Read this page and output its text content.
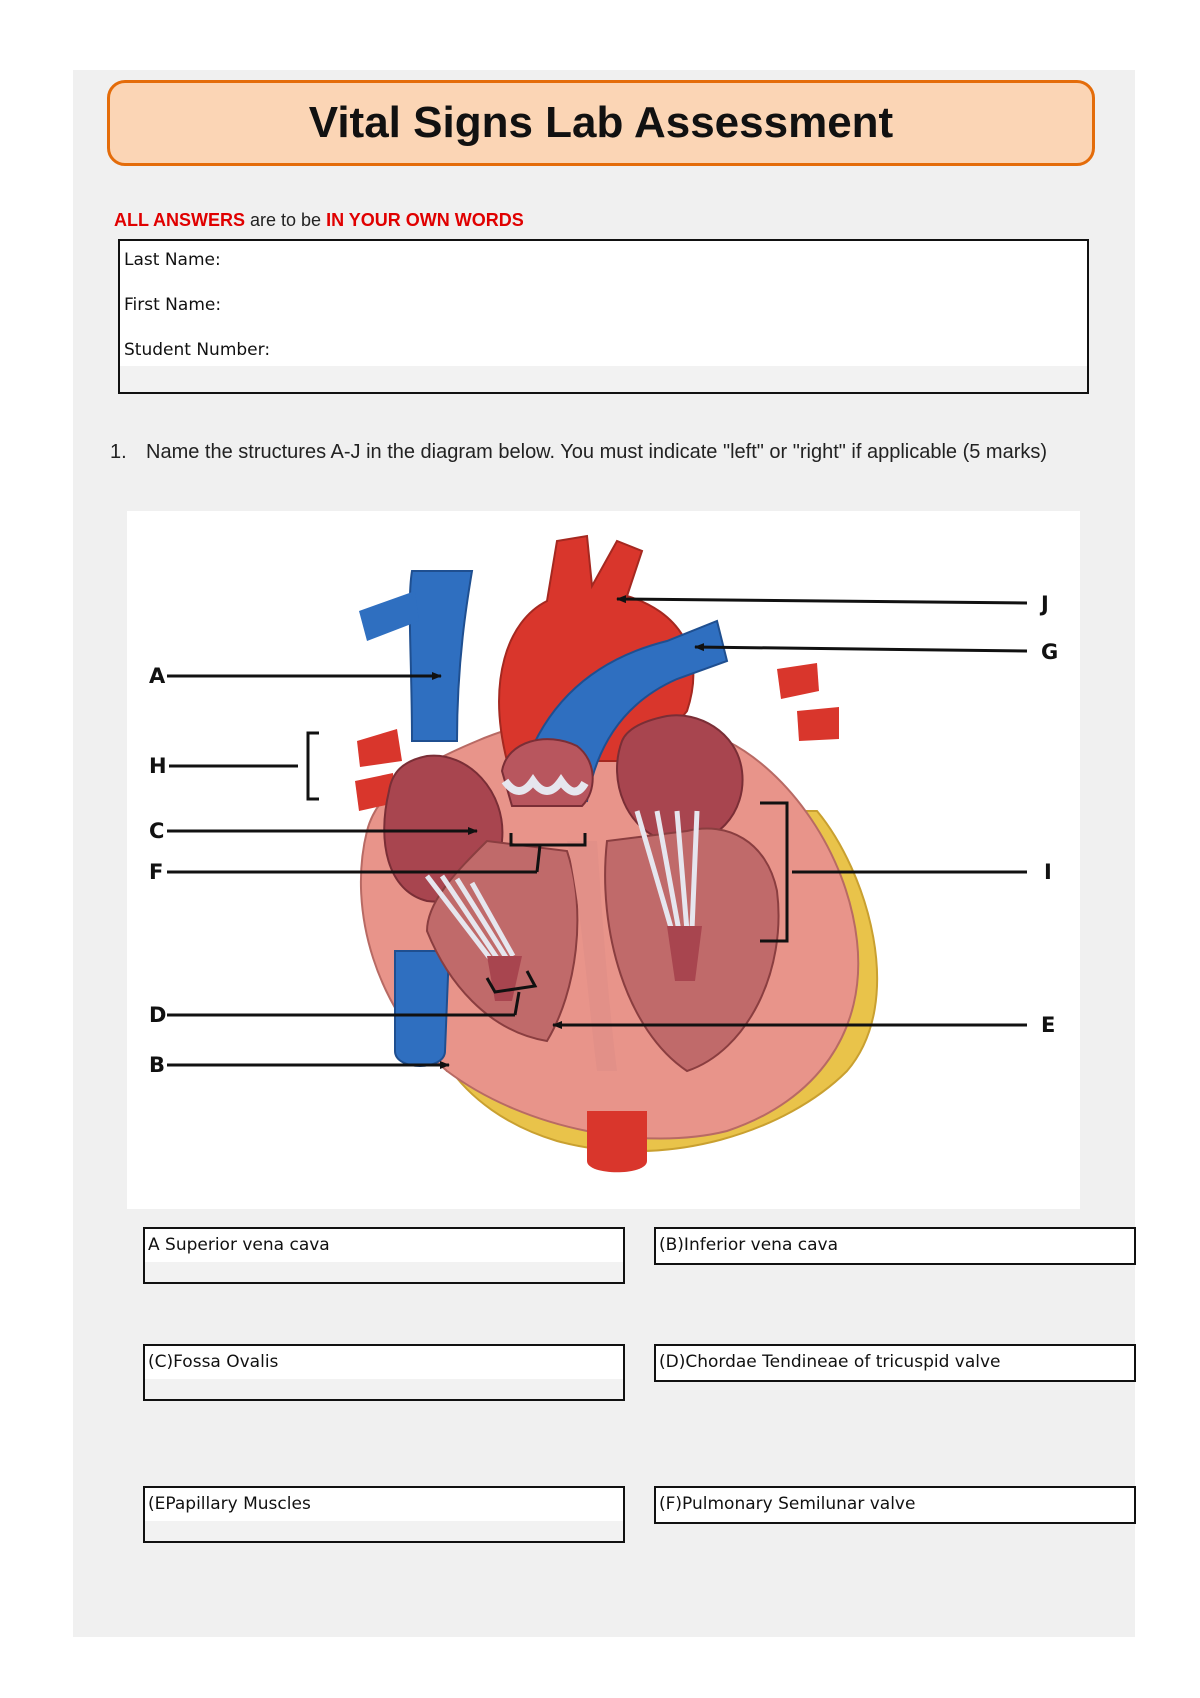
Vital Signs Lab Assessment
ALL ANSWERS are to be IN YOUR OWN WORDS
Last Name:
First Name:
Student Number:
1. Name the structures A-J in the diagram below. You must indicate "left" or "right" if applicable (5 marks)
A
H
C
F
D
B
J
G
I
E
A Superior vena cava	(B)Inferior vena cava
(C)Fossa Ovalis	(D)Chordae Tendineae of tricuspid valve
(EPapillary Muscles	(F)Pulmonary Semilunar valve
